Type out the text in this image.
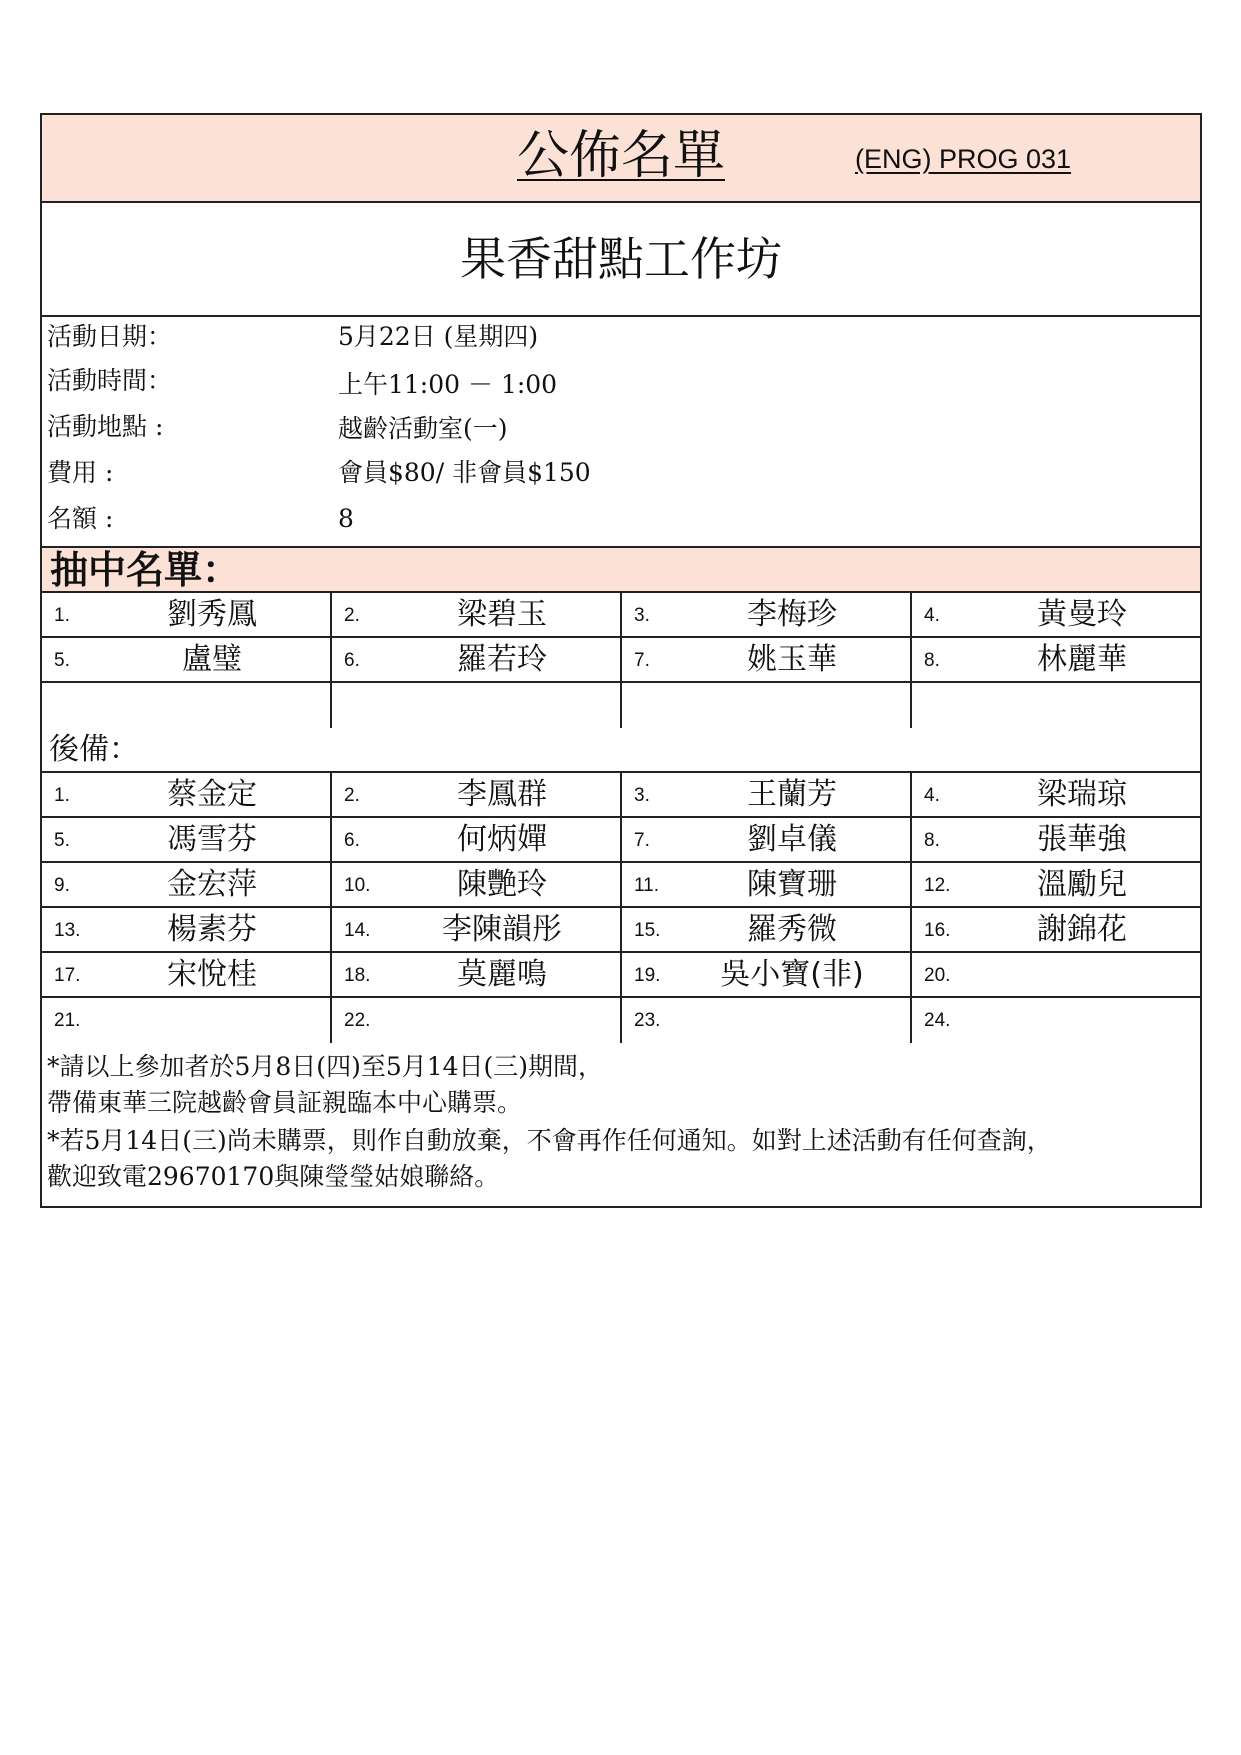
公佈名單	(ENG) PROG 031
果香甜點工作坊
活動日期：	5月22日 (星期四)
活動時間：	上午11:00 － 1:00
活動地點 :	越齡活動室(一)
費用 :	會員$80/ 非會員$150
名額 :	8
抽中名單：
1.	劉秀鳳	2.	梁碧玉	3.	李梅珍	4.	黃曼玲
5.	盧璧	6.	羅若玲	7.	姚玉華	8.	林麗華
後備：
1.	蔡金定	2.	李鳳群	3.	王蘭芳	4.	梁瑞琼
5.	馮雪芬	6.	何炳嬋	7.	劉卓儀	8.	張華強
9.	金宏萍	10.	陳艷玲	11.	陳寶珊	12.	溫勵兒
13.	楊素芬	14.	李陳韻彤	15.	羅秀微	16.	謝錦花
17.	宋悅桂	18.	莫麗鳴	19.	吳小寶(非)	20.
21.	22.	23.	24.
*請以上參加者於5月8日(四)至5月14日(三)期間，
帶備東華三院越齡會員証親臨本中心購票。
*若5月14日(三)尚未購票，則作自動放棄，不會再作任何通知。如對上述活動有任何查詢，
歡迎致電29670170與陳瑩瑩姑娘聯絡。
